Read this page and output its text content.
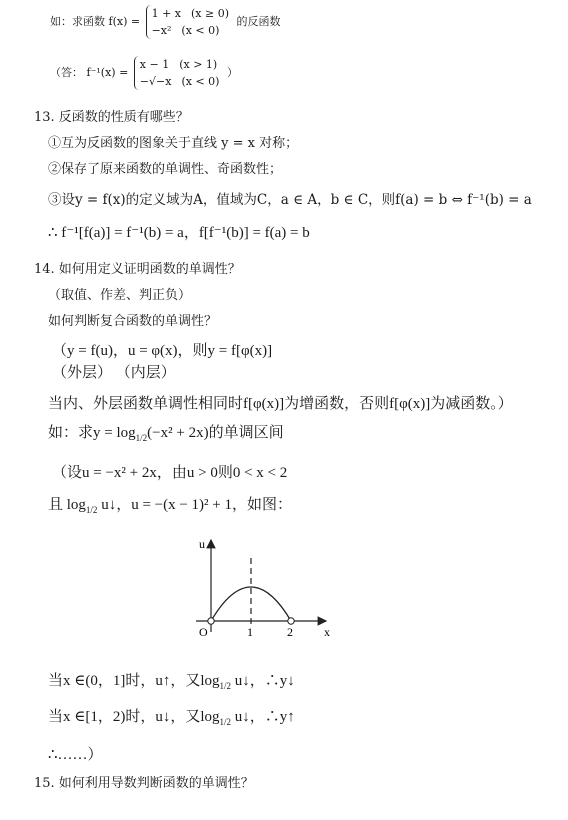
如：求函数 f(x) =
1 + x (x ≥ 0)
−x² (x < 0)
的反函数
（答： f⁻¹(x) =
x − 1 (x > 1)
−√−x (x < 0)
）
13. 反函数的性质有哪些？
①互为反函数的图象关于直线 y = x 对称；
②保存了原来函数的单调性、奇函数性；
③设y = f(x)的定义域为A，值域为C，a ∈ A，b ∈ C，则f(a) = b ⇔ f⁻¹(b) = a
∴ f⁻¹[f(a)] = f⁻¹(b) = a，f[f⁻¹(b)] = f(a) = b
14. 如何用定义证明函数的单调性？
（取值、作差、判正负）
如何判断复合函数的单调性？
（y = f(u)，u = φ(x)，则y = f[φ(x)]
（外层） （内层）
当内、外层函数单调性相同时f[φ(x)]为增函数，否则f[φ(x)]为减函数。）
如：求$y = \log_{1/2}(-x^2 + 2x)$的单调区间
（设u = −x² + 2x，由u > 0则0 < x < 2
且 $\log_{1/2}$ u↓，u = −(x − 1)² + 1，如图：
u
x
O	1	2
当x ∈(0，1]时，u↑，又$\log_{1/2}$ u↓，∴y↓
当x ∈[1，2)时，u↓，又$\log_{1/2}$ u↓，∴y↑
∴……）
15. 如何利用导数判断函数的单调性？
